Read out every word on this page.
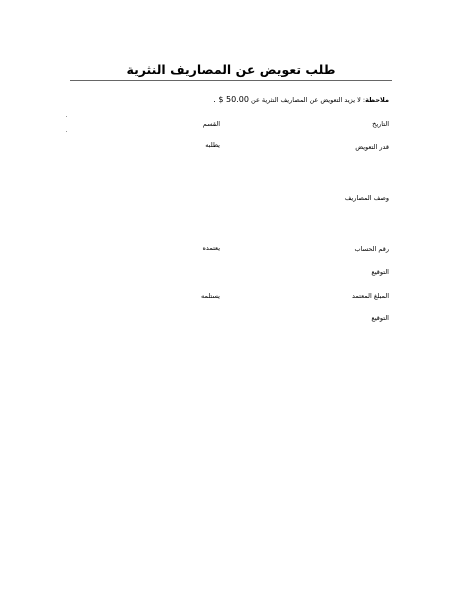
طلب تعويض عن المصاريف النثرية
ملاحظة: لا يزيد التعويض عن المصاريف النثرية عن 50.00 $ .
التاريخ
القسم
قدر التعويض
يطلبه
وصف المصاريف
رقم الحساب
يعتمده
التوقيع
المبلغ المعتمد
يستلمه
التوقيع
